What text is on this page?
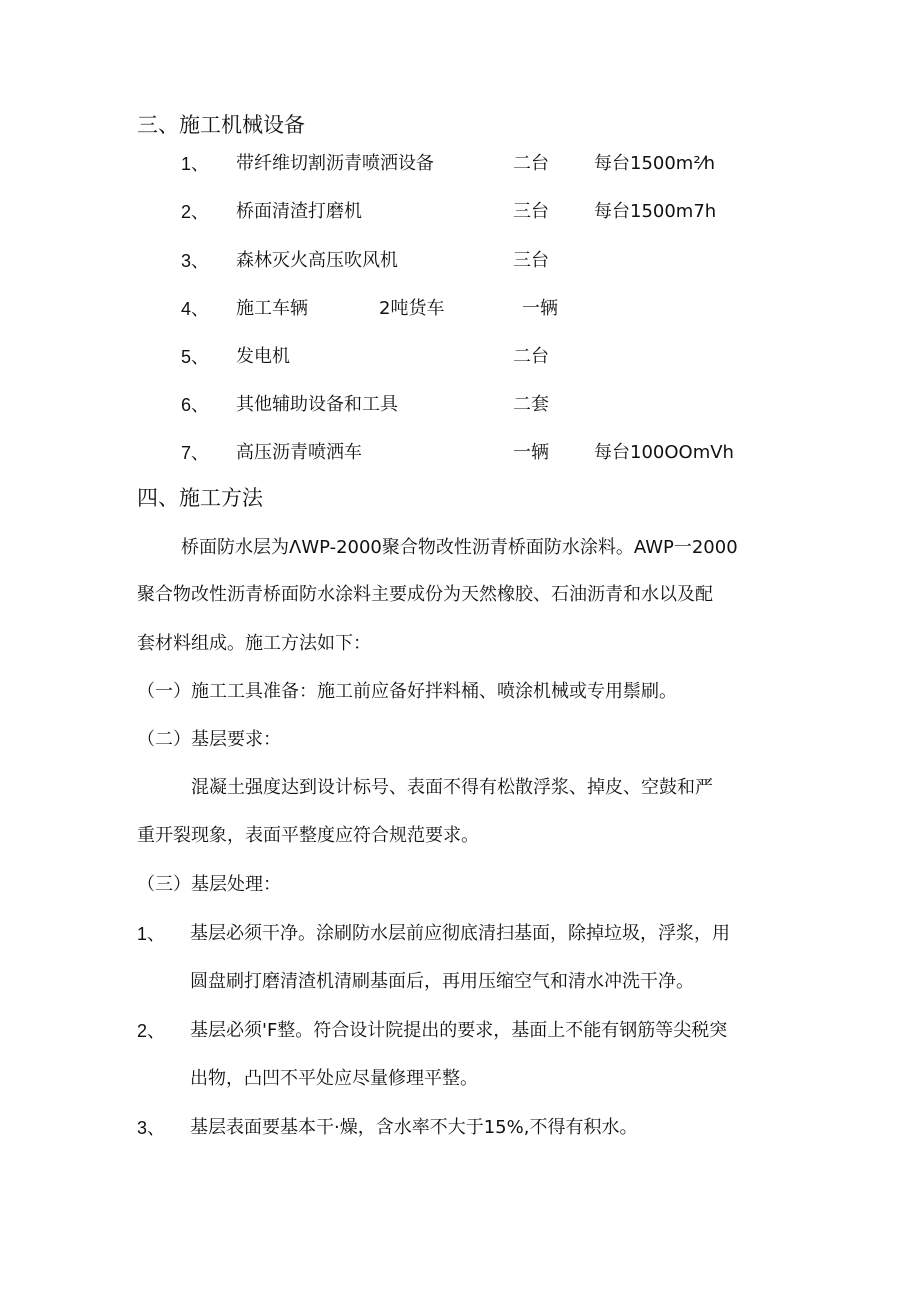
三、施工机械设备
1、 带纤维切割沥青喷洒设备	二台	每台1500m²⁄h
2、 桥面清渣打磨机	三台	每台1500m7h
3、 森林灭火高压吹风机	三台
4、 施工车辆	2吨货车	一辆
5、 发电机	二台
6、 其他辅助设备和工具	二套
7、 高压沥青喷洒车	一辆	每台100OOmVh
四、施工方法
桥面防水层为ΛWP-2000聚合物改性沥青桥面防水涂料。AWP一2000
聚合物改性沥青桥面防水涂料主要成份为天然橡胶、石油沥青和水以及配
套材料组成。施工方法如下：
（一）施工工具准备：施工前应备好拌料桶、喷涂机械或专用鬃刷。
（二）基层要求：
混凝土强度达到设计标号、表面不得有松散浮浆、掉皮、空鼓和严
重开裂现象，表面平整度应符合规范要求。
（三）基层处理：
1、 基层必须干净。涂刷防水层前应彻底清扫基面，除掉垃圾，浮浆，用
圆盘刷打磨清渣机清刷基面后，再用压缩空气和清水冲洗干净。
2、 基层必须'F整。符合设计院提出的要求，基面上不能有钢筋等尖税突
出物，凸凹不平处应尽量修理平整。
3、 基层表面要基本干·燥，含水率不大于15%,不得有积水。
